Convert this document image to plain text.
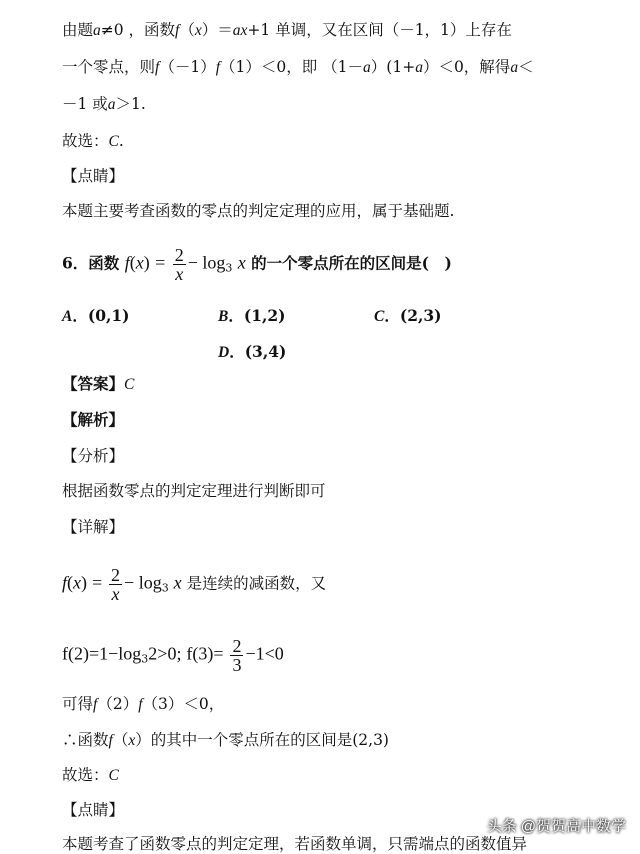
由题a≠0 ，函数f（x）＝ax+1 单调，又在区间（－1，1）上存在
一个零点，则f（－1）f（1）＜0，即 （1－a）(1+a）＜0，解得a＜
－1 或a＞1.
故选：C.
【点睛】
本题主要考查函数的零点的判定定理的应用，属于基础题.
6．函数 $f(x) = \frac{2}{x} - \log_3 x$ 的一个零点所在的区间是(　)
A．(0,1)	B．(1,2)	C．(2,3)
D．(3,4)
【答案】C
【解析】
【分析】
根据函数零点的判定定理进行判断即可
【详解】
$f(x) = \frac{2}{x} - \log_3 x$ 是连续的减函数，又
$f(2)=1-\log_32>0$; $f(3)= \frac{2}{3} -1<0$
可得f（2）f（3）＜0，
∴函数f（x）的其中一个零点所在的区间是(2,3)
故选：C
【点睛】
本题考查了函数零点的判定定理，若函数单调，只需端点的函数值异
头条 @贺贺高中数学
